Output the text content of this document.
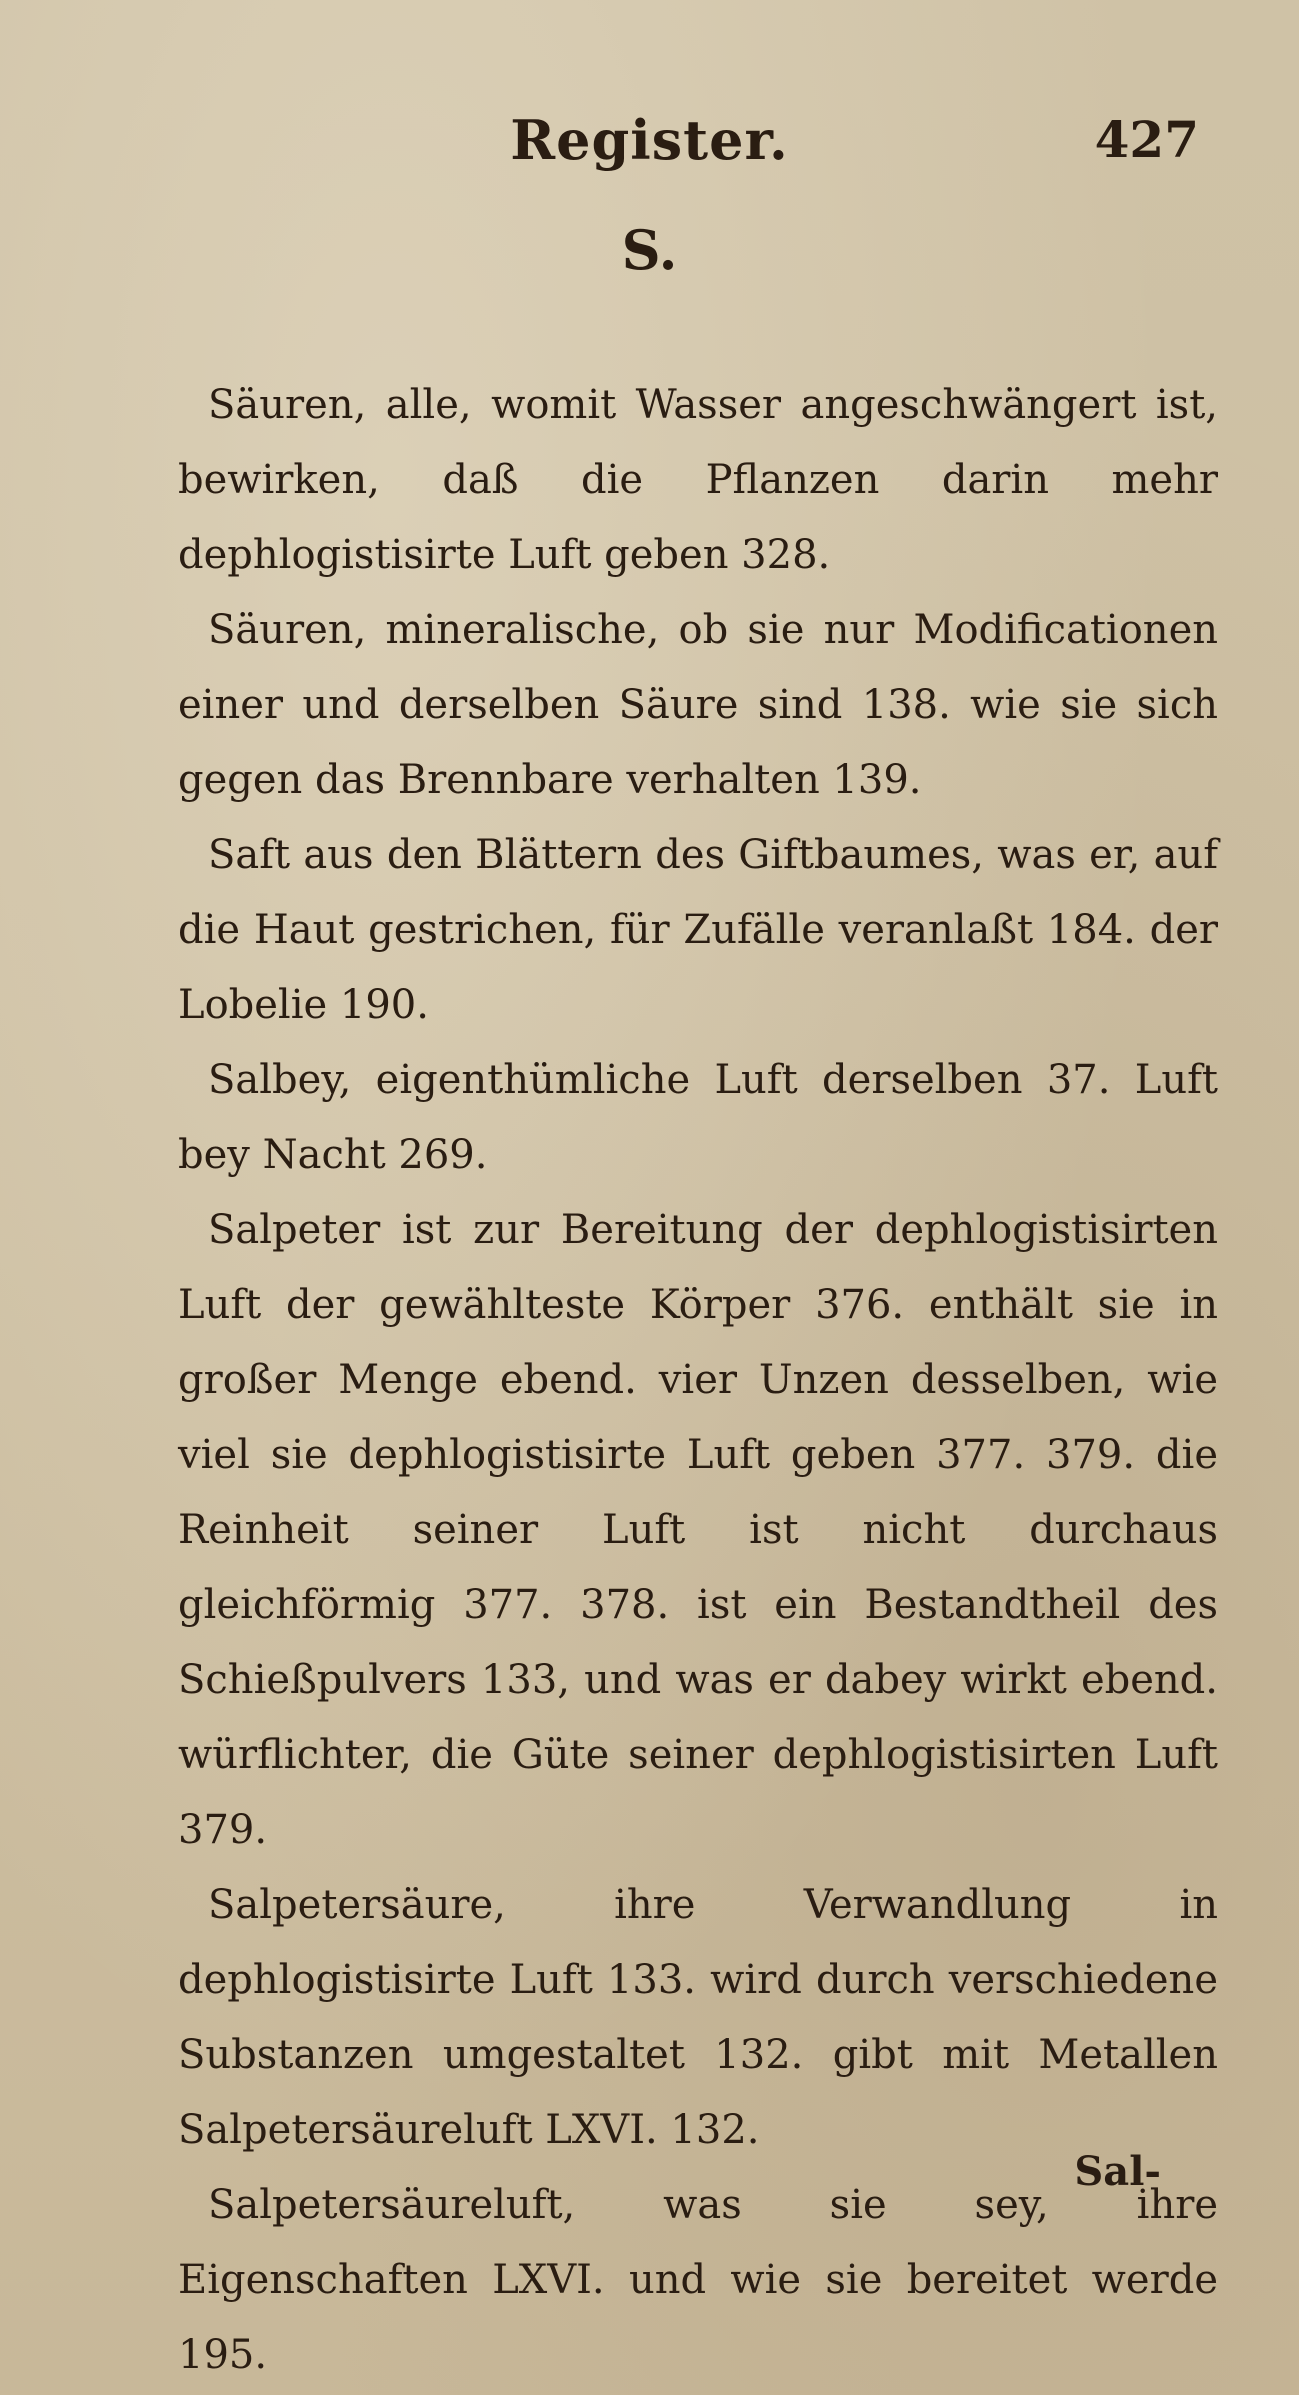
Register.	427
S.

Säuren, alle, womit Wasser angeschwängert ist, bewirken, daß die Pflanzen darin mehr dephlogistisirte Luft geben 328.

Säuren, mineralische, ob sie nur Modificationen einer und derselben Säure sind 138. wie sie sich gegen das Brennbare verhalten 139.

Saft aus den Blättern des Giftbaumes, was er, auf die Haut gestrichen, für Zufälle veranlaßt 184. der Lobelie 190.

Salbey, eigenthümliche Luft derselben 37. Luft bey Nacht 269.

Salpeter ist zur Bereitung der dephlogistisirten Luft der gewählteste Körper 376. enthält sie in großer Menge ebend. vier Unzen desselben, wie viel sie dephlogistisirte Luft geben 377. 379. die Reinheit seiner Luft ist nicht durchaus gleichförmig 377. 378. ist ein Bestandtheil des Schießpulvers 133, und was er dabey wirkt ebend. würflichter, die Güte seiner dephlogistisirten Luft 379.

Salpetersäure, ihre Verwandlung in dephlogistisirte Luft 133. wird durch verschiedene Substanzen umgestaltet 132. gibt mit Metallen Salpetersäureluft LXVI. 132.

Salpetersäureluft, was sie sey, ihre Eigenschaften LXVI. und wie sie bereitet werde 195.

Sal-
